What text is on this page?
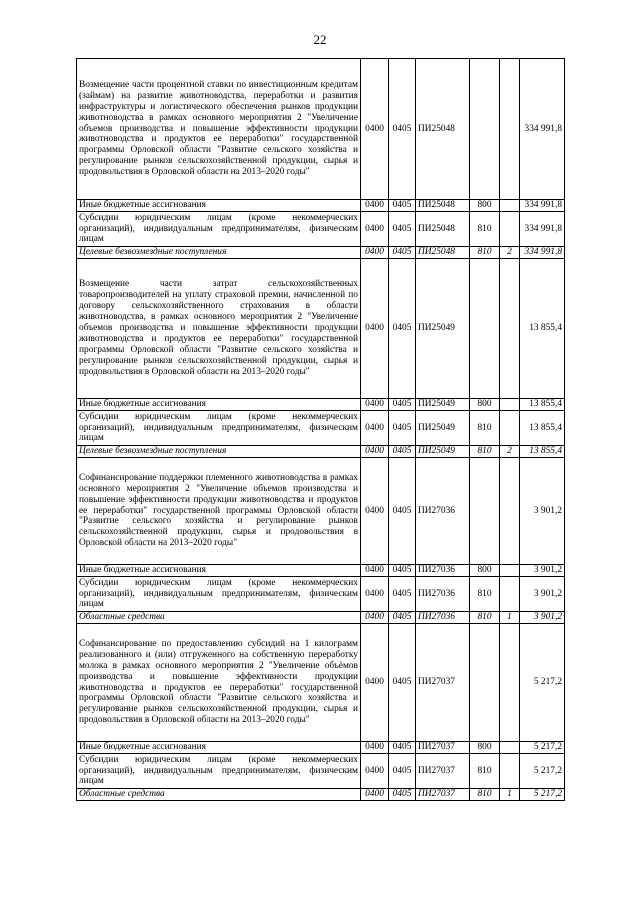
22
Возмещение части процентной ставки по инвестиционным кредитам (займам) на развитие животноводства, переработки и развития инфраструктуры и логистического обеспечения рынков продукции животноводства в рамках основного мероприятия 2 "Увеличение объемов производства и повышение эффективности продукции животноводства и продуктов ее переработки" государственной программы Орловской области "Развитие сельского хозяйства и регулирование рынков сельскохозяйственной продукции, сырья и продовольствия в Орловской области на 2013–2020 годы"	0400	0405	ПИ25048			334 991,8
Иные бюджетные ассигнования	0400	0405	ПИ25048	800		334 991,8
Субсидии юридическим лицам (кроме некоммерческих организаций), индивидуальным предпринимателям, физическим лицам	0400	0405	ПИ25048	810		334 991,8
Целевые безвозмездные поступления	0400	0405	ПИ25048	810	2	334 991,8
Возмещение части затрат сельскохозяйственных товаропроизводителей на уплату страховой премии, начисленной по договору сельскохозяйственного страхования в области животноводства, в рамках основного мероприятия 2 "Увеличение объемов производства и повышение эффективности продукции животноводства и продуктов ее переработки" государственной программы Орловской области "Развитие сельского хозяйства и регулирование рынков сельскохозяйственной продукции, сырья и продовольствия в Орловской области на 2013–2020 годы"	0400	0405	ПИ25049			13 855,4
Иные бюджетные ассигнования	0400	0405	ПИ25049	800		13 855,4
Субсидии юридическим лицам (кроме некоммерческих организаций), индивидуальным предпринимателям, физическим лицам	0400	0405	ПИ25049	810		13 855,4
Целевые безвозмездные поступления	0400	0405	ПИ25049	810	2	13 855,4
Софинансирование поддержки племенного животноводства в рамках основного мероприятия 2 "Увеличение объемов производства и повышение эффективности продукции животноводства и продуктов ее переработки" государственной программы Орловской области "Развитие сельского хозяйства и регулирование рынков сельскохозяйственной продукции, сырья и продовольствия в Орловской области на 2013–2020 годы"	0400	0405	ПИ27036			3 901,2
Иные бюджетные ассигнования	0400	0405	ПИ27036	800		3 901,2
Субсидии юридическим лицам (кроме некоммерческих организаций), индивидуальным предпринимателям, физическим лицам	0400	0405	ПИ27036	810		3 901,2
Областные средства	0400	0405	ПИ27036	810	1	3 901,2
Софинансирование по предоставлению субсидий на 1 килограмм реализованного и (или) отгруженного на собственную переработку молока в рамках основного мероприятия 2 "Увеличение объёмов производства и повышение эффективности продукции животноводства и продуктов ее переработки" государственной программы Орловской области "Развитие сельского хозяйства и регулирование рынков сельскохозяйственной продукции, сырья и продовольствия в Орловской области на 2013–2020 годы"	0400	0405	ПИ27037			5 217,2
Иные бюджетные ассигнования	0400	0405	ПИ27037	800		5 217,2
Субсидии юридическим лицам (кроме некоммерческих организаций), индивидуальным предпринимателям, физическим лицам	0400	0405	ПИ27037	810		5 217,2
Областные средства	0400	0405	ПИ27037	810	1	5 217,2
